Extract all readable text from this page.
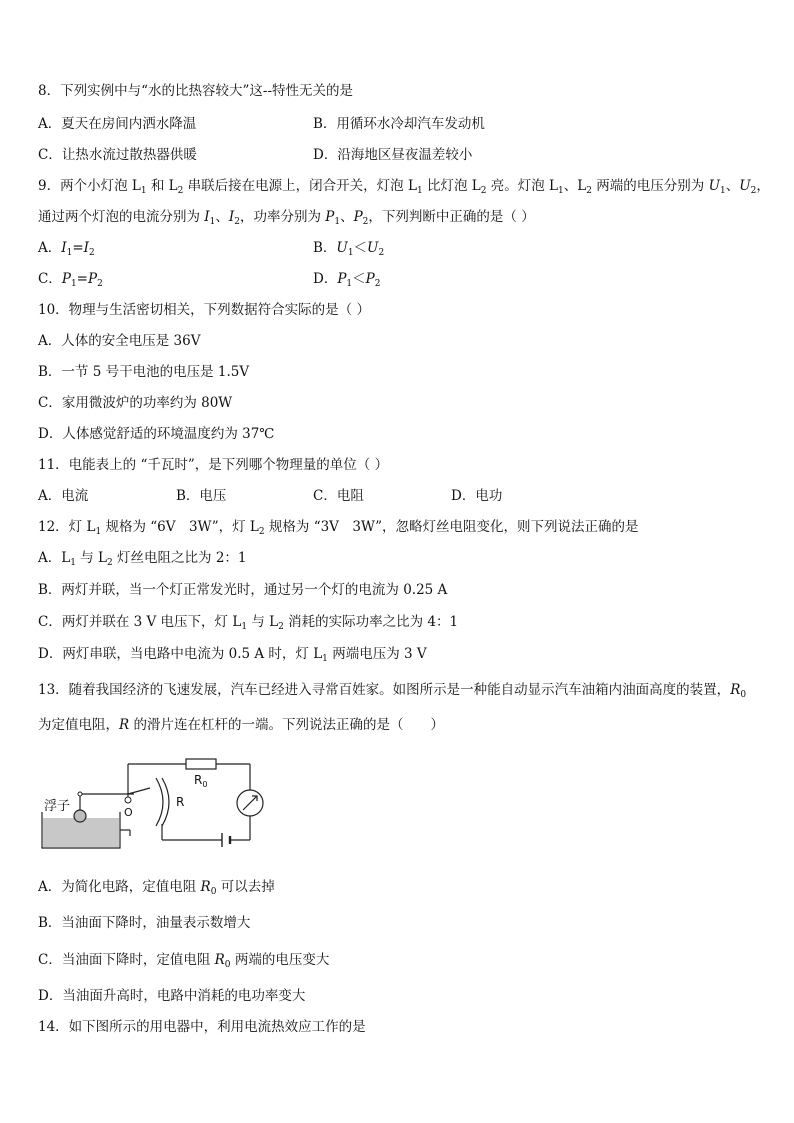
8．下列实例中与“水的比热容较大”这--特性无关的是
A．夏天在房间内洒水降温	B．用循环水冷却汽车发动机
C．让热水流过散热器供暖	D．沿海地区昼夜温差较小
9．两个小灯泡 $L_1$ 和 $L_2$ 串联后接在电源上，闭合开关，灯泡 $L_1$ 比灯泡 $L_2$ 亮。灯泡 $L_1$、$L_2$ 两端的电压分别为 $U_1$、$U_2$，
通过两个灯泡的电流分别为 $I_1$、$I_2$，功率分别为 $P_1$、$P_2$，下列判断中正确的是（ ）
A．$I_1=I_2$	B．$U_1<U_2$
C．$P_1=P_2$	D．$P_1<P_2$
10．物理与生活密切相关，下列数据符合实际的是（ ）
A．人体的安全电压是 36V
B．一节 5 号干电池的电压是 1.5V
C．家用微波炉的功率约为 80W
D．人体感觉舒适的环境温度约为 37℃
11．电能表上的 “千瓦时”，是下列哪个物理量的单位（ ）
A．电流	B．电压	C．电阻	D．电功
12．灯 $L_1$ 规格为 “6V　3W”，灯 $L_2$ 规格为 “3V　3W”，忽略灯丝电阻变化，则下列说法正确的是
A．$L_1$ 与 $L_2$ 灯丝电阻之比为 2：1
B．两灯并联，当一个灯正常发光时，通过另一个灯的电流为 0.25 A
C．两灯并联在 3 V 电压下，灯 $L_1$ 与 $L_2$ 消耗的实际功率之比为 4：1
D．两灯串联，当电路中电流为 0.5 A 时，灯 $L_1$ 两端电压为 3 V
13．随着我国经济的飞速发展，汽车已经进入寻常百姓家。如图所示是一种能自动显示汽车油箱内油面高度的装置，$R_0$
为定值电阻，R 的滑片连在杠杆的一端。下列说法正确的是（　　）
浮子
$R_0$
R
O
A．为简化电路，定值电阻 $R_0$ 可以去掉
B．当油面下降时，油量表示数增大
C．当油面下降时，定值电阻 $R_0$ 两端的电压变大
D．当油面升高时，电路中消耗的电功率变大
14．如下图所示的用电器中，利用电流热效应工作的是
